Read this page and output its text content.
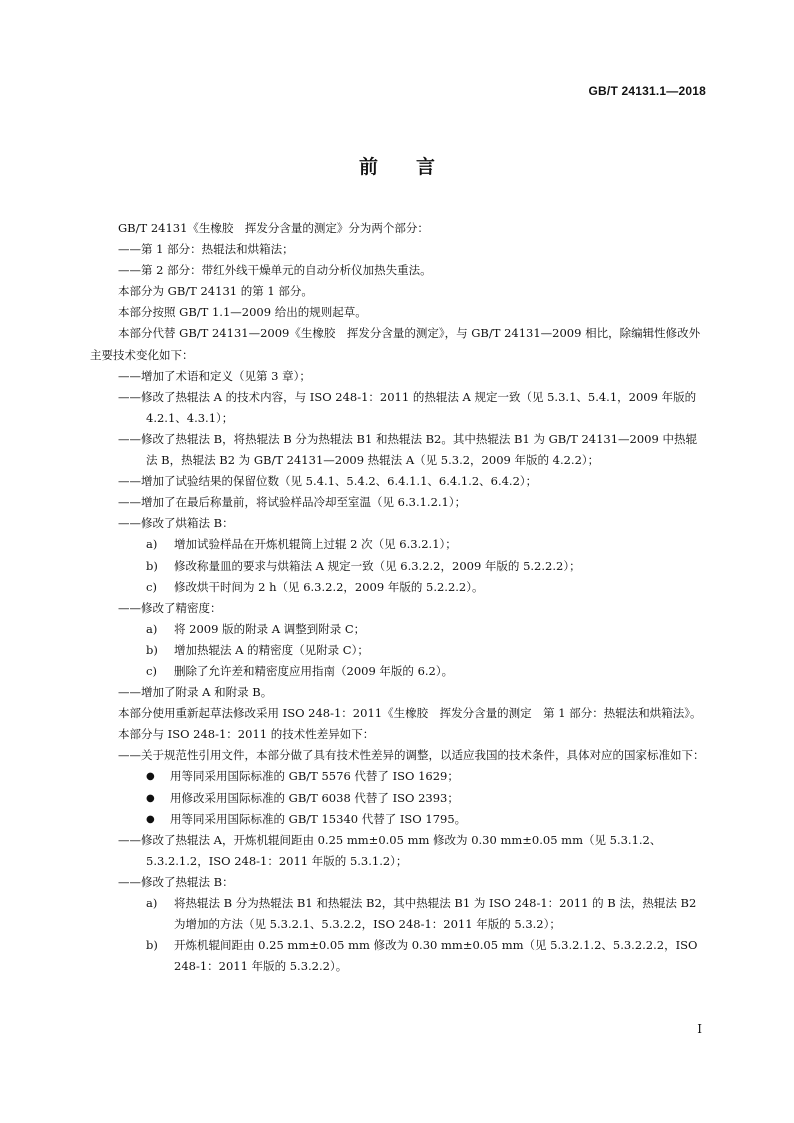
GB/T 24131.1—2018
前言

GB/T 24131《生橡胶　挥发分含量的测定》分为两个部分：

——第 1 部分：热辊法和烘箱法；

——第 2 部分：带红外线干燥单元的自动分析仪加热失重法。

本部分为 GB/T 24131 的第 1 部分。

本部分按照 GB/T 1.1—2009 给出的规则起草。

本部分代替 GB/T 24131—2009《生橡胶　挥发分含量的测定》，与 GB/T 24131—2009 相比，除编辑性修改外主要技术变化如下：

——增加了术语和定义（见第 3 章）；

——修改了热辊法 A 的技术内容，与 ISO 248-1：2011 的热辊法 A 规定一致（见 5.3.1、5.4.1，2009 年版的 4.2.1、4.3.1）；

——修改了热辊法 B，将热辊法 B 分为热辊法 B1 和热辊法 B2。其中热辊法 B1 为 GB/T 24131—2009 中热辊法 B，热辊法 B2 为 GB/T 24131—2009 热辊法 A（见 5.3.2，2009 年版的 4.2.2）；

——增加了试验结果的保留位数（见 5.4.1、5.4.2、6.4.1.1、6.4.1.2、6.4.2）；

——增加了在最后称量前，将试验样品冷却至室温（见 6.3.1.2.1）；

——修改了烘箱法 B：

a)	增加试验样品在开炼机辊筒上过辊 2 次（见 6.3.2.1）；

b)	修改称量皿的要求与烘箱法 A 规定一致（见 6.3.2.2，2009 年版的 5.2.2.2）；

c)	修改烘干时间为 2 h（见 6.3.2.2，2009 年版的 5.2.2.2）。

——修改了精密度：

a)	将 2009 版的附录 A 调整到附录 C；

b)	增加热辊法 A 的精密度（见附录 C）；

c)	删除了允许差和精密度应用指南（2009 年版的 6.2）。

——增加了附录 A 和附录 B。

本部分使用重新起草法修改采用 ISO 248-1：2011《生橡胶　挥发分含量的测定　第 1 部分：热辊法和烘箱法》。

本部分与 ISO 248-1：2011 的技术性差异如下：

——关于规范性引用文件，本部分做了具有技术性差异的调整，以适应我国的技术条件，具体对应的国家标准如下：

●	用等同采用国际标准的 GB/T 5576 代替了 ISO 1629；

●	用修改采用国际标准的 GB/T 6038 代替了 ISO 2393；

●	用等同采用国际标准的 GB/T 15340 代替了 ISO 1795。

——修改了热辊法 A，开炼机辊间距由 0.25 mm±0.05 mm 修改为 0.30 mm±0.05 mm（见 5.3.1.2、5.3.2.1.2，ISO 248-1：2011 年版的 5.3.1.2）；

——修改了热辊法 B：

a)	将热辊法 B 分为热辊法 B1 和热辊法 B2，其中热辊法 B1 为 ISO 248-1：2011 的 B 法，热辊法 B2 为增加的方法（见 5.3.2.1、5.3.2.2，ISO 248-1：2011 年版的 5.3.2）；

b)	开炼机辊间距由 0.25 mm±0.05 mm 修改为 0.30 mm±0.05 mm（见 5.3.2.1.2、5.3.2.2.2，ISO 248-1：2011 年版的 5.3.2.2）。

I
